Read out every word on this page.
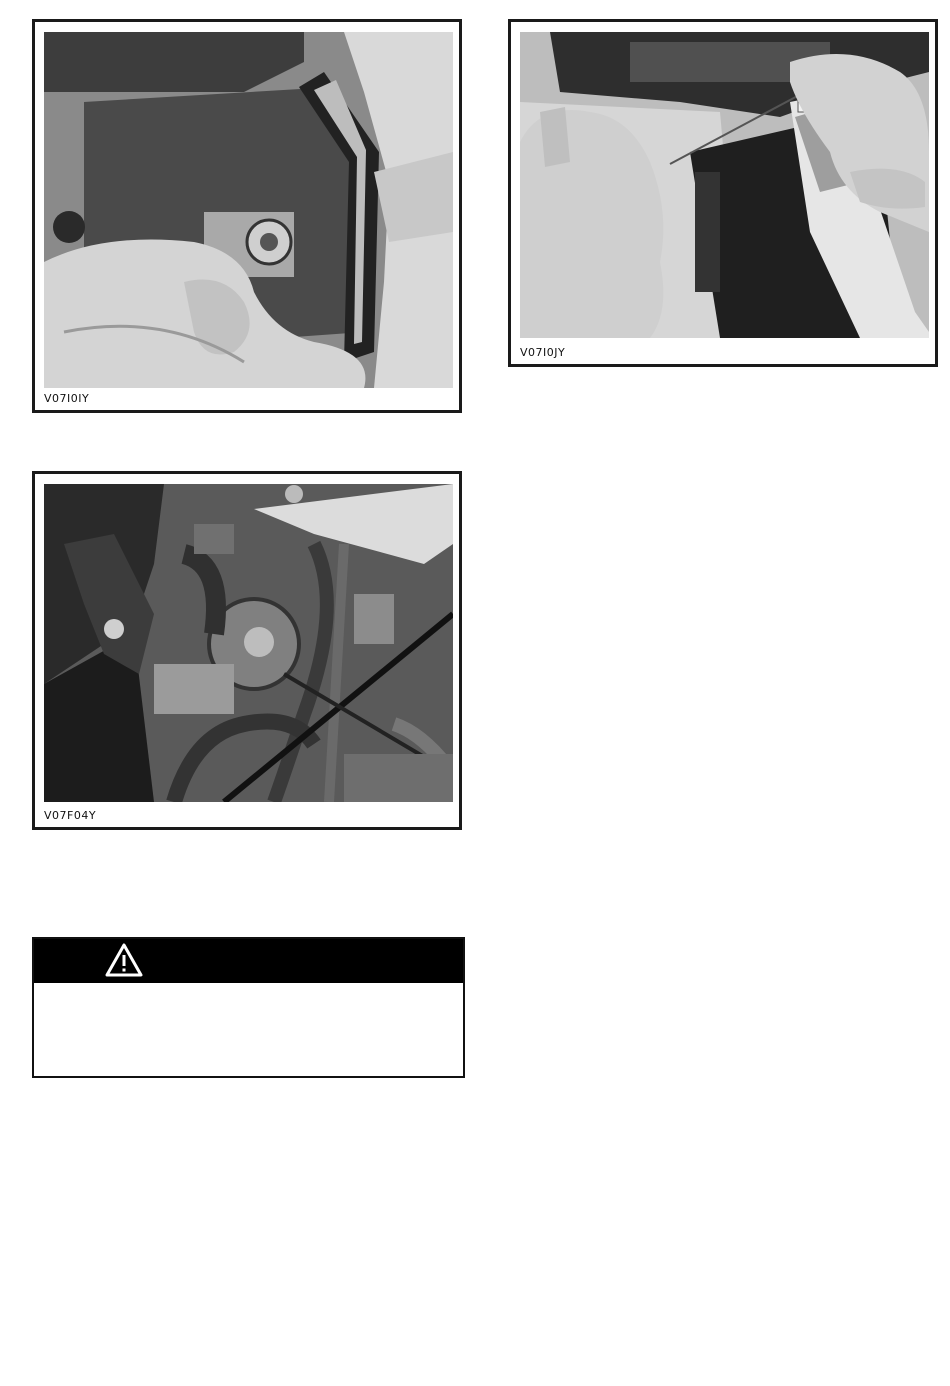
V07I0IY
V07I0JY
V07F04Y
